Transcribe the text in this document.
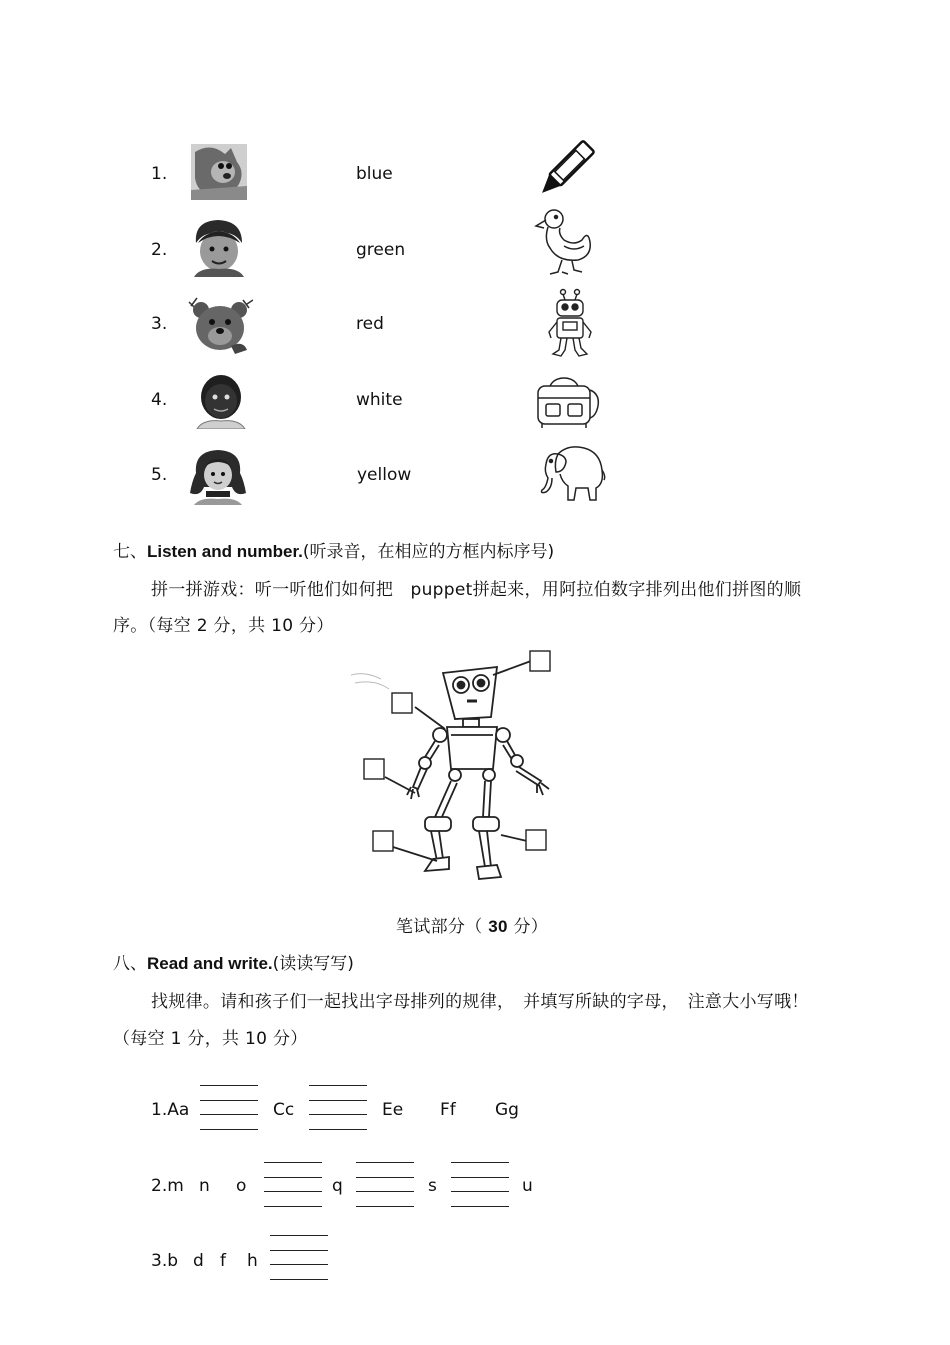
1.	blue
2.	green
3.	red
4.	white
5.	yellow
七、Listen and number.(听录音，在相应的方框内标序号)
拼一拼游戏：听一听他们如何把　puppet拼起来，用阿拉伯数字排列出他们拼图的顺
序。（每空 2 分，共 10 分）
笔试部分（ 30 分）
八、Read and write.(读读写写)
找规律。请和孩子们一起找出字母排列的规律，　并填写所缺的字母，　注意大小写哦！
（每空 1 分，共 10 分）
1.Aa	Cc	Ee Ff Gg
2.m n o	q	s	u
3.b d f h
